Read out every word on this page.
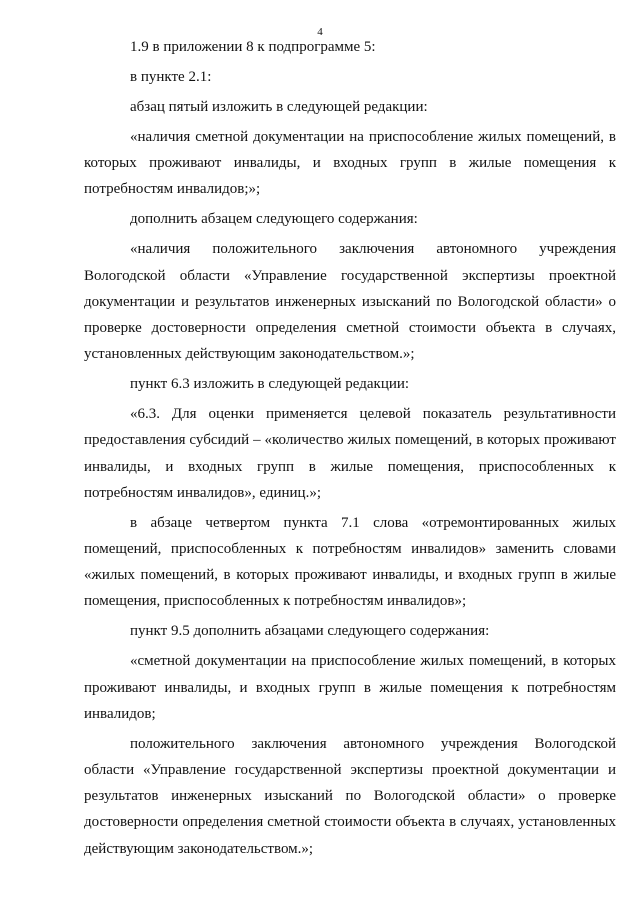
4

1.9 в приложении 8 к подпрограмме 5:

в пункте 2.1:

абзац пятый изложить в следующей редакции:

«наличия сметной документации на приспособление жилых помещений, в которых проживают инвалиды, и входных групп в жилые помещения к потребностям инвалидов;»;

дополнить абзацем следующего содержания:

«наличия положительного заключения автономного учреждения Вологодской области «Управление государственной экспертизы проектной документации и результатов инженерных изысканий по Вологодской области» о проверке достоверности определения сметной стоимости объекта в случаях, установленных действующим законодательством.»;

пункт 6.3 изложить в следующей редакции:

«6.3. Для оценки применяется целевой показатель результативности предоставления субсидий – «количество жилых помещений, в которых проживают инвалиды, и входных групп в жилые помещения, приспособленных к потребностям инвалидов», единиц.»;

в абзаце четвертом пункта 7.1 слова «отремонтированных жилых помещений, приспособленных к потребностям инвалидов» заменить словами «жилых помещений, в которых проживают инвалиды, и входных групп в жилые помещения, приспособленных к потребностям инвалидов»;

пункт 9.5 дополнить абзацами следующего содержания:

«сметной документации на приспособление жилых помещений, в которых проживают инвалиды, и входных групп в жилые помещения к потребностям инвалидов;

положительного заключения автономного учреждения Вологодской области «Управление государственной экспертизы проектной документации и результатов инженерных изысканий по Вологодской области» о проверке достоверности определения сметной стоимости объекта в случаях, установленных действующим законодательством.»;
